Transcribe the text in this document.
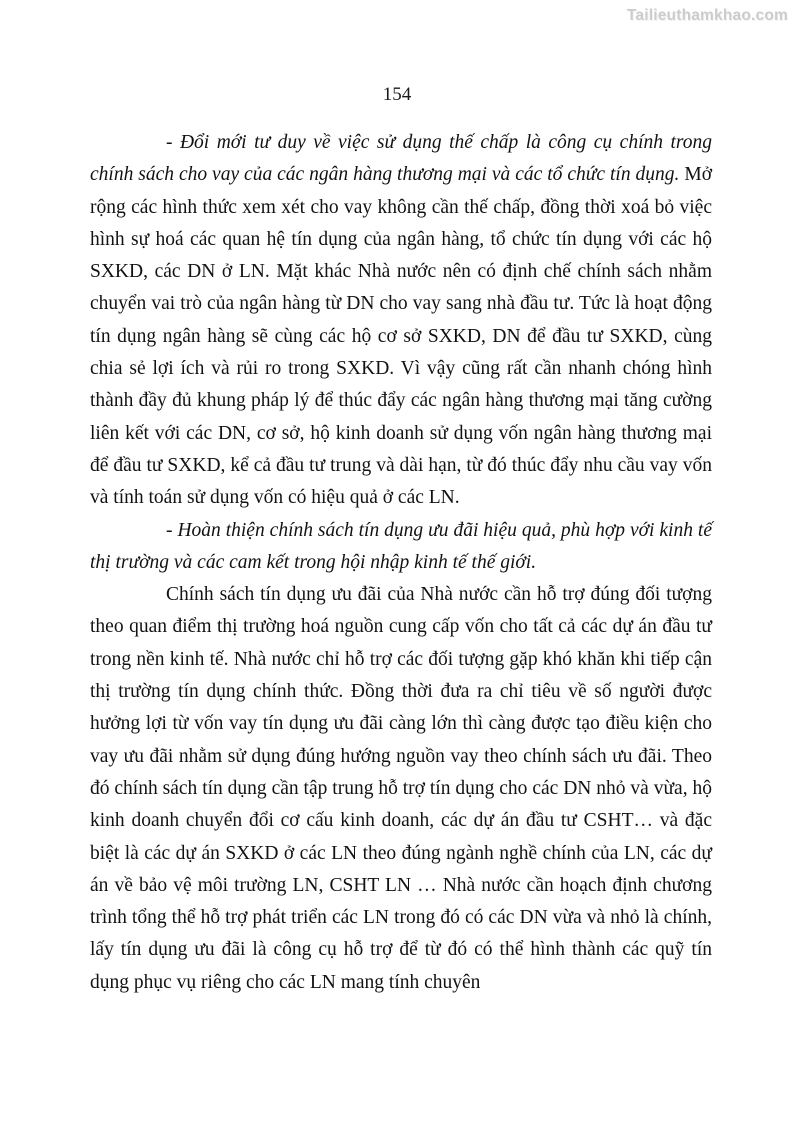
Tailieuthamkhao.com
154

- Đổi mới tư duy về việc sử dụng thế chấp là công cụ chính trong chính sách cho vay của các ngân hàng thương mại và các tổ chức tín dụng. Mở rộng các hình thức xem xét cho vay không cần thế chấp, đồng thời xoá bỏ việc hình sự hoá các quan hệ tín dụng của ngân hàng, tổ chức tín dụng với các hộ SXKD, các DN ở LN. Mặt khác Nhà nước nên có định chế chính sách nhằm chuyển vai trò của ngân hàng từ DN cho vay sang nhà đầu tư. Tức là hoạt động tín dụng ngân hàng sẽ cùng các hộ cơ sở SXKD, DN để đầu tư SXKD, cùng chia sẻ lợi ích và rủi ro trong SXKD. Vì vậy cũng rất cần nhanh chóng hình thành đầy đủ khung pháp lý để thúc đẩy các ngân hàng thương mại tăng cường liên kết với các DN, cơ sở, hộ kinh doanh sử dụng vốn ngân hàng thương mại để đầu tư SXKD, kể cả đầu tư trung và dài hạn, từ đó thúc đẩy nhu cầu vay vốn và tính toán sử dụng vốn có hiệu quả ở các LN.

- Hoàn thiện chính sách tín dụng ưu đãi hiệu quả, phù hợp với kinh tế thị trường và các cam kết trong hội nhập kinh tế thế giới.

Chính sách tín dụng ưu đãi của Nhà nước cần hỗ trợ đúng đối tượng theo quan điểm thị trường hoá nguồn cung cấp vốn cho tất cả các dự án đầu tư trong nền kinh tế. Nhà nước chỉ hỗ trợ các đối tượng gặp khó khăn khi tiếp cận thị trường tín dụng chính thức. Đồng thời đưa ra chỉ tiêu về số người được hưởng lợi từ vốn vay tín dụng ưu đãi càng lớn thì càng được tạo điều kiện cho vay ưu đãi nhằm sử dụng đúng hướng nguồn vay theo chính sách ưu đãi. Theo đó chính sách tín dụng cần tập trung hỗ trợ tín dụng cho các DN nhỏ và vừa, hộ kinh doanh chuyển đổi cơ cấu kinh doanh, các dự án đầu tư CSHT… và đặc biệt là các dự án SXKD ở các LN theo đúng ngành nghề chính của LN, các dự án về bảo vệ môi trường LN, CSHT LN … Nhà nước cần hoạch định chương trình tổng thể hỗ trợ phát triển các LN trong đó có các DN vừa và nhỏ là chính, lấy tín dụng ưu đãi là công cụ hỗ trợ để từ đó có thể hình thành các quỹ tín dụng phục vụ riêng cho các LN mang tính chuyên
